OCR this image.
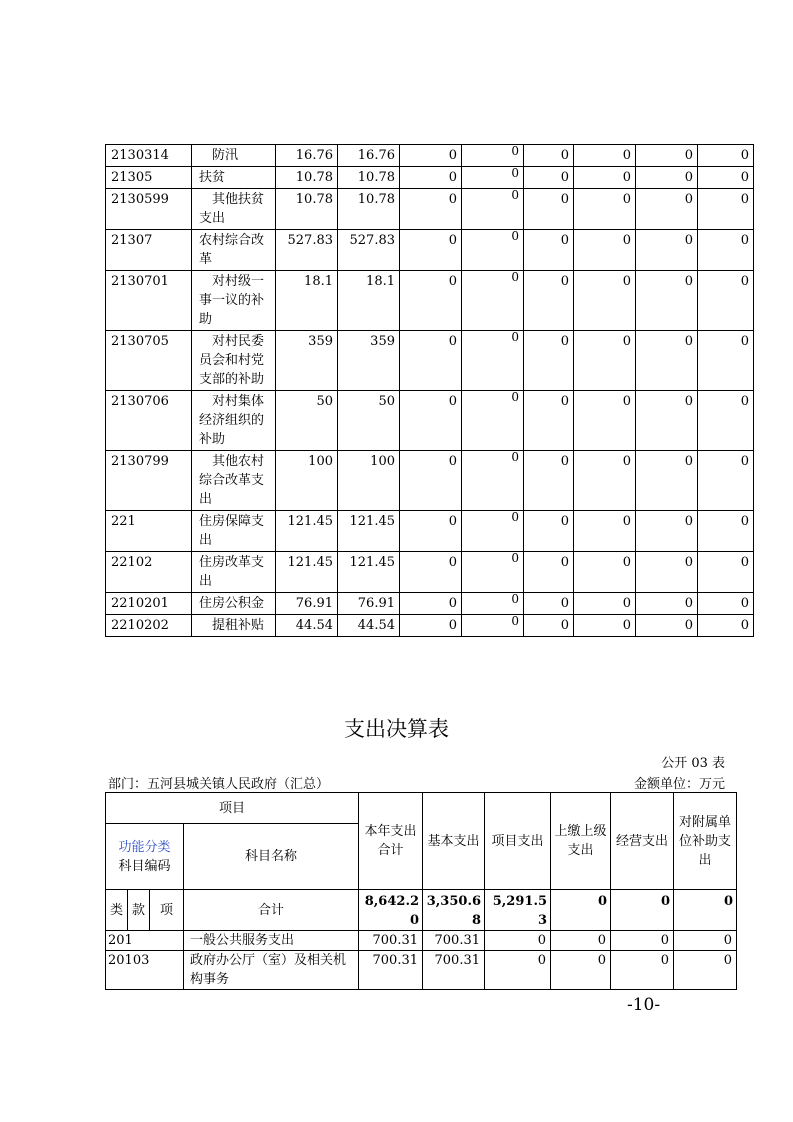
2130314	防汛	16.76	16.76	0	0	0	0	0	0
21305	扶贫	10.78	10.78	0	0	0	0	0	0
2130599	其他扶贫支出	10.78	10.78	0	0	0	0	0	0
21307	农村综合改革	527.83	527.83	0	0	0	0	0	0
2130701	对村级一事一议的补助	18.1	18.1	0	0	0	0	0	0
2130705	对村民委员会和村党支部的补助	359	359	0	0	0	0	0	0
2130706	对村集体经济组织的补助	50	50	0	0	0	0	0	0
2130799	其他农村综合改革支出	100	100	0	0	0	0	0	0
221	住房保障支出	121.45	121.45	0	0	0	0	0	0
22102	住房改革支出	121.45	121.45	0	0	0	0	0	0
2210201	住房公积金	76.91	76.91	0	0	0	0	0	0
2210202	提租补贴	44.54	44.54	0	0	0	0	0	0
支出决算表
公开 03 表
部门：五河县城关镇人民政府（汇总）	金额单位：万元
项目				本年支出合计	基本支出	项目支出	上缴上级支出	经营支出	对附属单位补助支出

功能分类
科目编码			科目名称						
类	款	项	合计	8,642.20	3,350.68	5,291.53	0	0	0
201			一般公共服务支出	700.31	700.31	0	0	0	0
20103			政府办公厅（室）及相关机构事务	700.31	700.31	0	0	0	0
-10-
